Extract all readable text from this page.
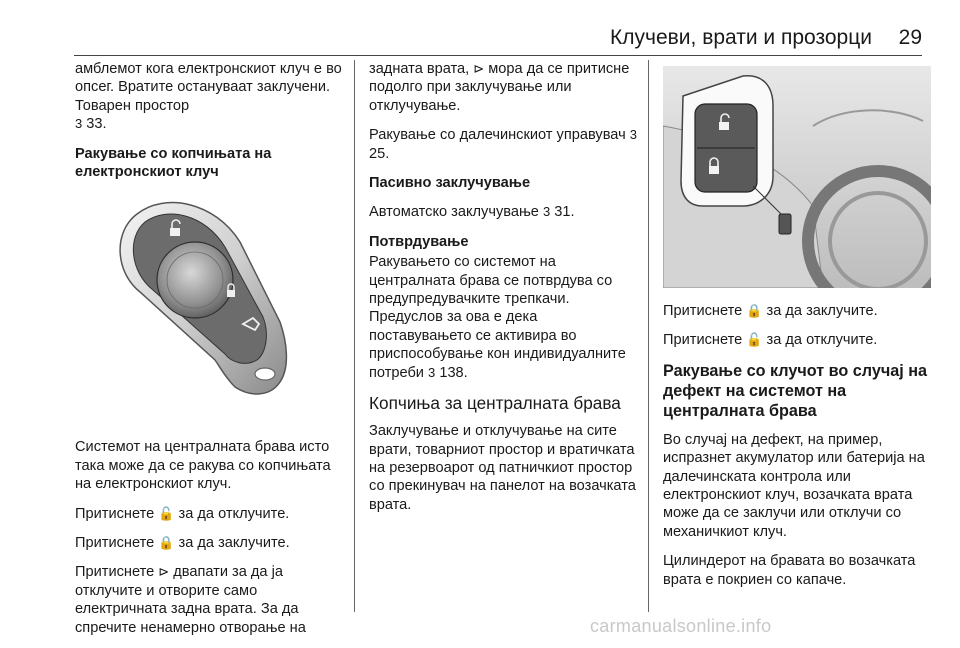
Клучеви, врати и прозорци 29

амблемот кога електронскиот клуч е во опсег. Вратите остануваат заклучени. Товарен простор
3 33.

Ракување со копчињата на електронскиот клуч

Системот на централната брава исто така може да се ракува со копчињата на електронскиот клуч.

Притиснете 🔓 за да отклучите.

Притиснете 🔒 за да заклучите.

Притиснете ⊳ двапати за да ја отклучите и отворите само електричната задна врата. За да спречите ненамерно отворање на

задната врата, ⊳ мора да се притисне подолго при заклучување или отклучување.

Ракување со далечинскиот управувач 3 25.

Пасивно заклучување

Автоматско заклучување 3 31.

Потврдување

Ракувањето со системот на централната брава се потврдува со предупредувачките трепкачи. Предуслов за ова е дека поставувањето се активира во приспособување кон индивидуалните потреби 3 138.

Копчиња за централната брава

Заклучување и отклучување на сите врати, товарниот простор и вратичката на резервоарот од патничкиот простор со прекинувач на панелот на возачката врата.

Притиснете 🔒 за да заклучите.

Притиснете 🔓 за да отклучите.

Ракување со клучот во случај на дефект на системот на централната брава

Во случај на дефект, на пример, испразнет акумулатор или батерија на далечинската контрола или електронскиот клуч, возачката врата може да се заклучи или отклучи со механичкиот клуч.

Цилиндерот на бравата во возачката врата е покриен со капаче.

carmanualsonline.info
